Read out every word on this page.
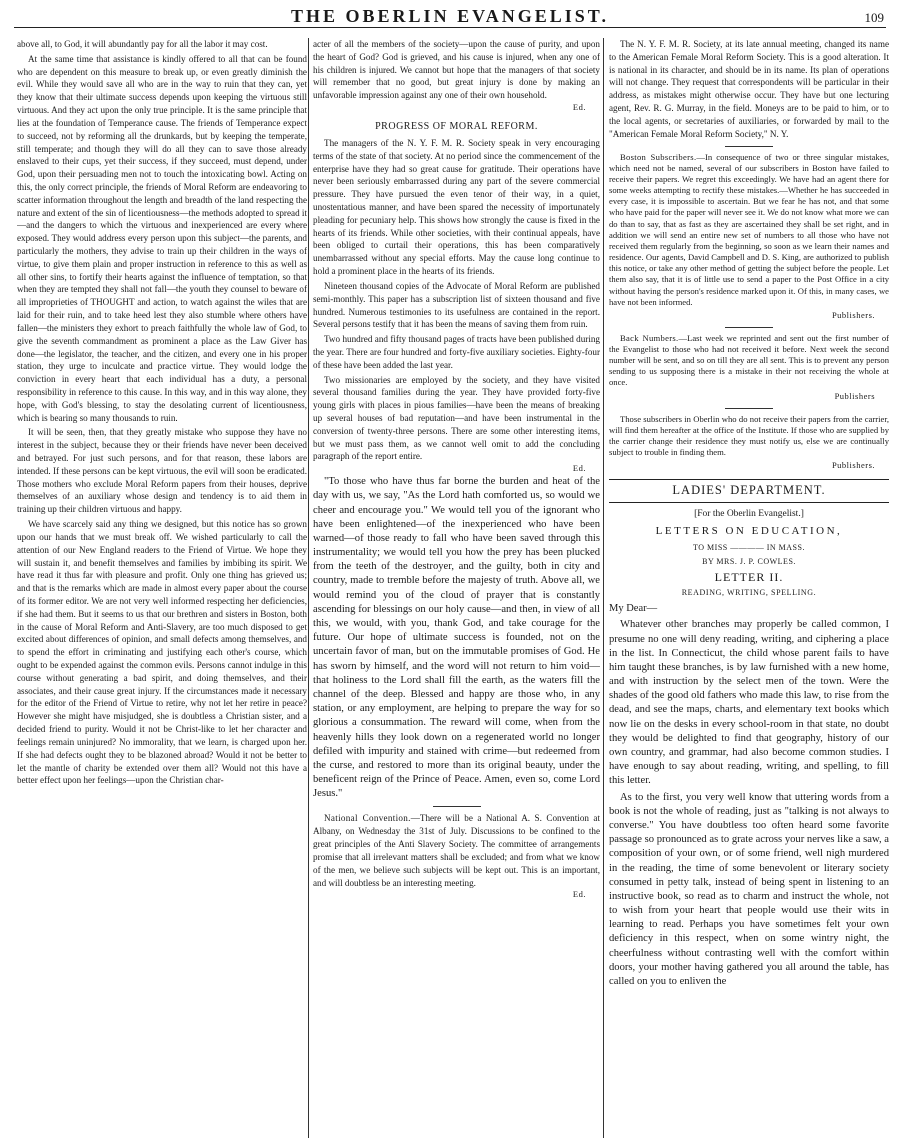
THE OBERLIN EVANGELIST.	109

above all, to God, it will abundantly pay for all the labor it may cost.

At the same time that assistance is kindly offered to all that can be found who are dependent on this measure to break up, or even greatly diminish the evil. While they would save all who are in the way to ruin that they can, yet they know that their ultimate success depends upon keeping the virtuous still virtuous. And they act upon the only true principle. It is the same principle that lies at the foundation of Temperance cause. The friends of Temperance expect to succeed, not by reforming all the drunkards, but by keeping the temperate, still temperate; and though they will do all they can to save those already enslaved to their cups, yet their success, if they succeed, must depend, under God, upon their persuading men not to touch the intoxicating bowl. Acting on this, the only correct principle, the friends of Moral Reform are endeavoring to scatter information throughout the length and breadth of the land respecting the nature and extent of the sin of licentiousness—the methods adopted to spread it—and the dangers to which the virtuous and inexperienced are every where exposed. They would address every person upon this subject—the parents, and particularly the mothers, they advise to train up their children in the ways of virtue, to give them plain and proper instruction in reference to this as well as all other sins, to fortify their hearts against the influence of temptation, so that when they are tempted they shall not fall—the youth they counsel to beware of all improprieties of THOUGHT and action, to watch against the wiles that are laid for their ruin, and to take heed lest they also stumble where others have fallen—the ministers they exhort to preach faithfully the whole law of God, to give the seventh commandment as prominent a place as the Law Giver has done—the legislator, the teacher, and the citizen, and every one in his proper station, they urge to inculcate and practice virtue. They would lodge the conviction in every heart that each individual has a duty, a personal responsibility in reference to this cause. In this way, and in this way alone, they hope, with God's blessing, to stay the desolating current of licentiousness, which is bearing so many thousands to ruin.

It will be seen, then, that they greatly mistake who suppose they have no interest in the subject, because they or their friends have never been deceived and betrayed. For just such persons, and for that reason, these labors are intended. If these persons can be kept virtuous, the evil will soon be eradicated. Those mothers who exclude Moral Reform papers from their houses, deprive themselves of an auxiliary whose design and tendency is to aid them in training up their children virtuous and happy.

We have scarcely said any thing we designed, but this notice has so grown upon our hands that we must break off. We wished particularly to call the attention of our New England readers to the Friend of Virtue. We hope they will sustain it, and benefit themselves and families by imbibing its spirit. We have read it thus far with pleasure and profit. Only one thing has grieved us; and that is the remarks which are made in almost every paper about the course of its former editor. We are not very well informed respecting her deficiencies, if she had them. But it seems to us that our brethren and sisters in Boston, both in the cause of Moral Reform and Anti-Slavery, are too much disposed to get excited about differences of opinion, and small defects among themselves, and to spend the effort in criminating and justifying each other's course, which ought to be expended against the common evils. Persons cannot indulge in this course without generating a bad spirit, and doing themselves, and their associates, and their cause great injury. If the circumstances made it necessary for the editor of the Friend of Virtue to retire, why not let her retire in peace? However she might have misjudged, she is doubtless a Christian sister, and a decided friend to purity. Would it not be Christ-like to let her character and feelings remain uninjured? No immorality, that we learn, is charged upon her. If she had defects ought they to be blazoned abroad? Would it not be better to let the mantle of charity be extended over them all? Would not this have a better effect upon her feelings—upon the Christian char-

acter of all the members of the society—upon the cause of purity, and upon the heart of God? God is grieved, and his cause is injured, when any one of his children is injured. We cannot but hope that the managers of that society will remember that no good, but great injury is done by making an unfavorable impression against any one of their own household.

Ed.
PROGRESS OF MORAL REFORM.

The managers of the N. Y. F. M. R. Society speak in very encouraging terms of the state of that society. At no period since the commencement of the enterprise have they had so great cause for gratitude. Their operations have never been seriously embarrassed during any part of the severe commercial pressure. They have pursued the even tenor of their way, in a quiet, unostentatious manner, and have been spared the necessity of importunately pleading for pecuniary help. This shows how strongly the cause is fixed in the hearts of its friends. While other societies, with their continual appeals, have been obliged to curtail their operations, this has been comparatively unembarrassed without any special efforts. May the cause long continue to hold a prominent place in the hearts of its friends.

Nineteen thousand copies of the Advocate of Moral Reform are published semi-monthly. This paper has a subscription list of sixteen thousand and five hundred. Numerous testimonies to its usefulness are contained in the report. Several persons testify that it has been the means of saving them from ruin.

Two hundred and fifty thousand pages of tracts have been published during the year. There are four hundred and forty-five auxiliary societies. Eighty-four of these have been added the last year.

Two missionaries are employed by the society, and they have visited several thousand families during the year. They have provided forty-five young girls with places in pious families—have been the means of breaking up several houses of bad reputation—and have been instrumental in the conversion of twenty-three persons. There are some other interesting items, but we must pass them, as we cannot well omit to add the concluding paragraph of the report entire.

Ed.

"To those who have thus far borne the burden and heat of the day with us, we say, "As the Lord hath comforted us, so would we cheer and encourage you." We would tell you of the ignorant who have been enlightened—of the inexperienced who have been warned—of those ready to fall who have been saved through this instrumentality; we would tell you how the prey has been plucked from the teeth of the destroyer, and the guilty, both in city and country, made to tremble before the majesty of truth. Above all, we would remind you of the cloud of prayer that is constantly ascending for blessings on our holy cause—and then, in view of all this, we would, with you, thank God, and take courage for the future. Our hope of ultimate success is founded, not on the uncertain favor of man, but on the immutable promises of God. He has sworn by himself, and the word will not return to him void—that holiness to the Lord shall fill the earth, as the waters fill the channel of the deep. Blessed and happy are those who, in any station, or any employment, are helping to prepare the way for so glorious a consummation. The reward will come, when from the heavenly hills they look down on a regenerated world no longer defiled with impurity and stained with crime—but redeemed from the curse, and restored to more than its original beauty, under the beneficent reign of the Prince of Peace. Amen, even so, come Lord Jesus."

National Convention.—There will be a National A. S. Convention at Albany, on Wednesday the 31st of July. Discussions to be confined to the great principles of the Anti Slavery Society. The committee of arrangements promise that all irrelevant matters shall be excluded; and from what we know of the men, we believe such subjects will be kept out. This is an important, and will doubtless be an interesting meeting.

Ed.

The N. Y. F. M. R. Society, at its late annual meeting, changed its name to the American Female Moral Reform Society. This is a good alteration. It is national in its character, and should be in its name. Its plan of operations will not change. They request that correspondents will be particular in their address, as mistakes might otherwise occur. They have but one lecturing agent, Rev. R. G. Murray, in the field. Moneys are to be paid to him, or to the local agents, or secretaries of auxiliaries, or forwarded by mail to the "American Female Moral Reform Society," N. Y.

Boston Subscribers.—In consequence of two or three singular mistakes, which need not be named, several of our subscribers in Boston have failed to receive their papers. We regret this exceedingly. We have had an agent there for some weeks attempting to rectify these mistakes.—Whether he has succeeded in every case, it is impossible to ascertain. But we fear he has not, and that some who have paid for the paper will never see it. We do not know what more we can do than to say, that as fast as they are ascertained they shall be set right, and in addition we will send an entire new set of numbers to all those who have not received them regularly from the beginning, so soon as we learn their names and residence. Our agents, David Campbell and D. S. King, are authorized to publish this notice, or take any other method of getting the subject before the people. Let them also say, that it is of little use to send a paper to the Post Office in a city without having the person's residence marked upon it. Of this, in many cases, we have not been informed.

Publishers.

Back Numbers.—Last week we reprinted and sent out the first number of the Evangelist to those who had not received it before. Next week the second number will be sent, and so on till they are all sent. This is to prevent any person sending to us supposing there is a mistake in their not receiving the whole at once.

Publishers

Those subscribers in Oberlin who do not receive their papers from the carrier, will find them hereafter at the office of the Institute. If those who are supplied by the carrier change their residence they must notify us, else we are continually subject to trouble in finding them.

Publishers.
LADIES' DEPARTMENT.
[For the Oberlin Evangelist.]
LETTERS ON EDUCATION,
TO MISS ———— IN MASS.
BY MRS. J. P. COWLES.
LETTER II.
READING, WRITING, SPELLING.
My Dear—

Whatever other branches may properly be called common, I presume no one will deny reading, writing, and ciphering a place in the list. In Connecticut, the child whose parent fails to have him taught these branches, is by law furnished with a new home, and with instruction by the select men of the town. Were the shades of the good old fathers who made this law, to rise from the dead, and see the maps, charts, and elementary text books which now lie on the desks in every school-room in that state, no doubt they would be delighted to find that geography, history of our own country, and grammar, had also become common studies. I have enough to say about reading, writing, and spelling, to fill this letter.

As to the first, you very well know that uttering words from a book is not the whole of reading, just as "talking is not always to converse." You have doubtless too often heard some favorite passage so pronounced as to grate across your nerves like a saw, a composition of your own, or of some friend, well nigh murdered in the reading, the time of some benevolent or literary society consumed in petty talk, instead of being spent in listening to an instructive book, so read as to charm and instruct the whole, not to wish from your heart that people would use their wits in learning to read. Perhaps you have sometimes felt your own deficiency in this respect, when on some wintry night, the cheerfulness without contrasting well with the comfort within doors, your mother having gathered you all around the table, has called on you to enliven the
